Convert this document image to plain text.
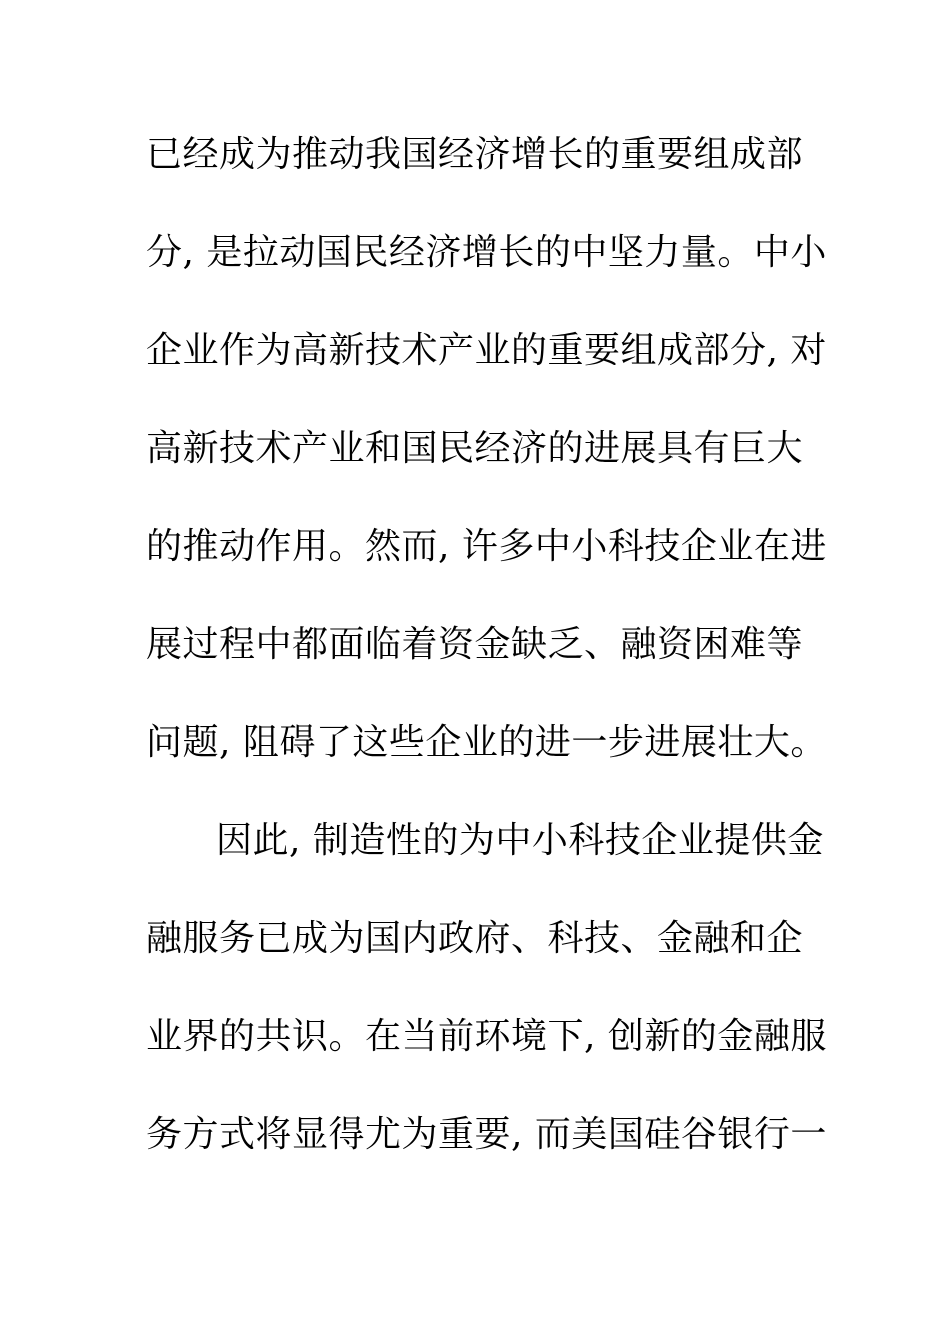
已经成为推动我国经济增长的重要组成部
分, 是拉动国民经济增长的中坚力量。中小
企业作为高新技术产业的重要组成部分, 对
高新技术产业和国民经济的进展具有巨大
的推动作用。然而, 许多中小科技企业在进
展过程中都面临着资金缺乏、融资困难等
问题, 阻碍了这些企业的进一步进展壮大。
因此, 制造性的为中小科技企业提供金
融服务已成为国内政府、科技、金融和企
业界的共识。在当前环境下, 创新的金融服
务方式将显得尤为重要, 而美国硅谷银行一
